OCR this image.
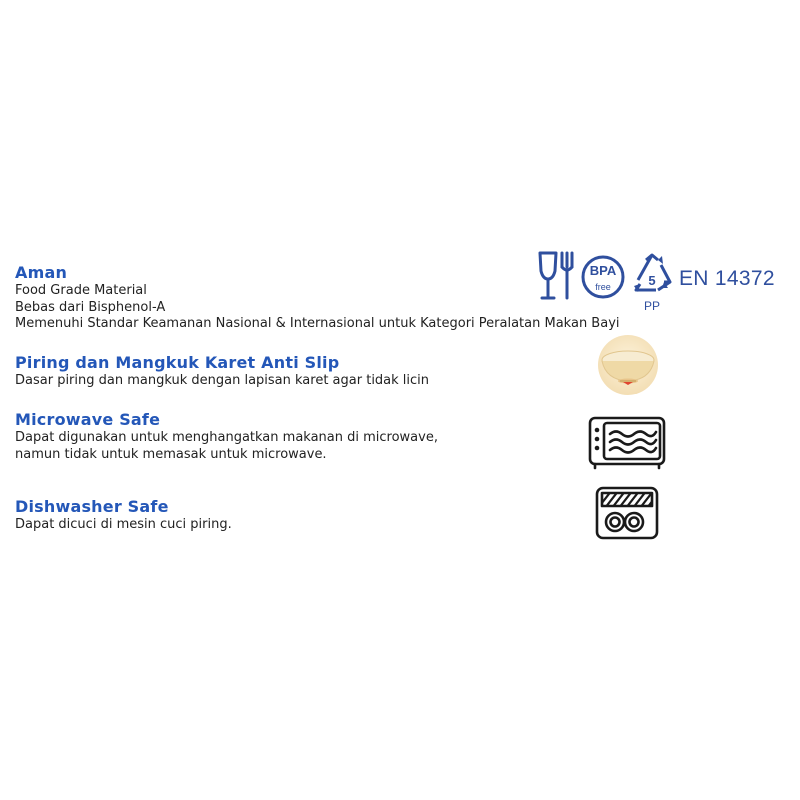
Aman

Food Grade Material

Bebas dari Bisphenol-A

Memenuhi Standar Keamanan Nasional & Internasional untuk Kategori Peralatan Makan Bayi

Piring dan Mangkuk Karet Anti Slip

Dasar piring dan mangkuk dengan lapisan karet agar tidak licin

Microwave Safe

Dapat digunakan untuk menghangatkan makanan di microwave,

namun tidak untuk memasak untuk microwave.

Dishwasher Safe

Dapat dicuci di mesin cuci piring.

BPA
free	5
PP
EN 14372
